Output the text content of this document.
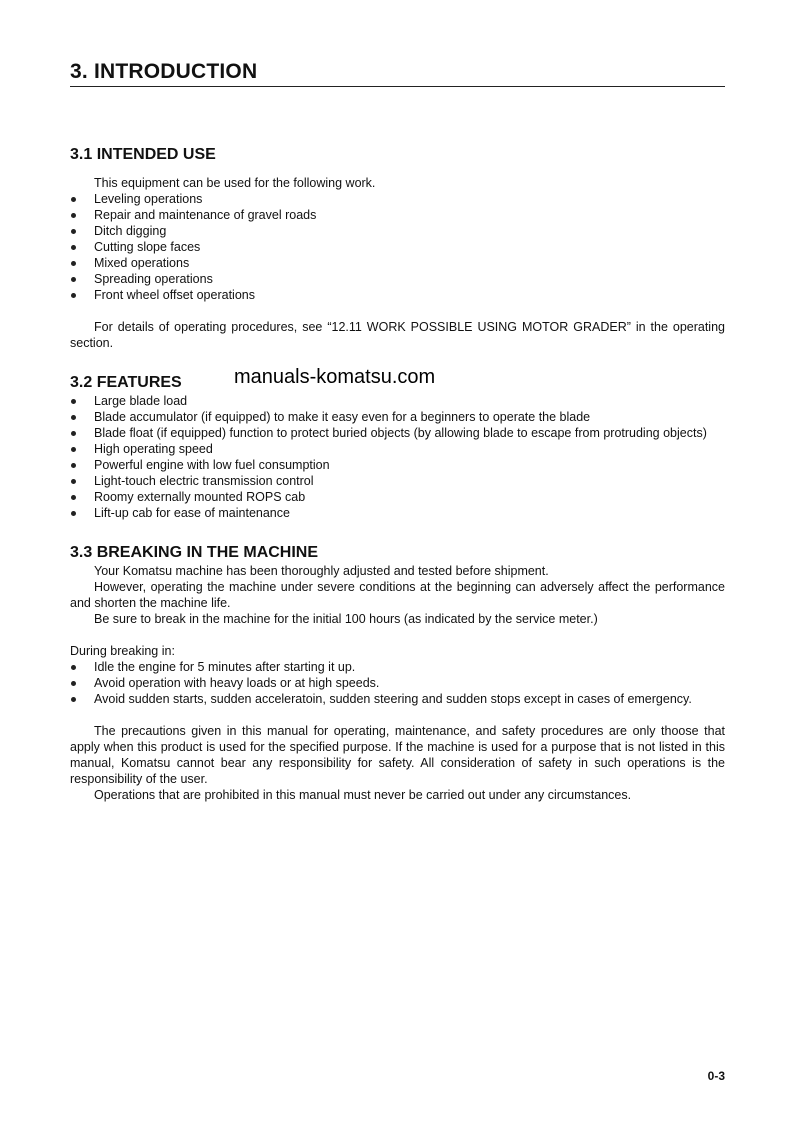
3. INTRODUCTION
3.1 INTENDED USE

This equipment can be used for the following work.

Leveling operations
Repair and maintenance of gravel roads
Ditch digging
Cutting slope faces
Mixed operations
Spreading operations
Front wheel offset operations

For details of operating procedures, see “12.11 WORK POSSIBLE USING MOTOR GRADER” in the operating section.

3.2 FEATURES	manuals-komatsu.com
Large blade load
Blade accumulator (if equipped) to make it easy even for a beginners to operate the blade
Blade float (if equipped) function to protect buried objects (by allowing blade to escape from protruding objects)
High operating speed
Powerful engine with low fuel consumption
Light-touch electric transmission control
Roomy externally mounted ROPS cab
Lift-up cab for ease of maintenance
3.3 BREAKING IN THE MACHINE

Your Komatsu machine has been thoroughly adjusted and tested before shipment.

However, operating the machine under severe conditions at the beginning can adversely affect the performance and shorten the machine life.

Be sure to break in the machine for the initial 100 hours (as indicated by the service meter.)

During breaking in:

Idle the engine for 5 minutes after starting it up.
Avoid operation with heavy loads or at high speeds.
Avoid sudden starts, sudden acceleratoin, sudden steering and sudden stops except in cases of emergency.

The precautions given in this manual for operating, maintenance, and safety procedures are only thoose that apply when this product is used for the specified purpose. If the machine is used for a purpose that is not listed in this manual, Komatsu cannot bear any responsibility for safety. All consideration of safety in such operations is the responsibility of the user.

Operations that are prohibited in this manual must never be carried out under any circumstances.

0-3
